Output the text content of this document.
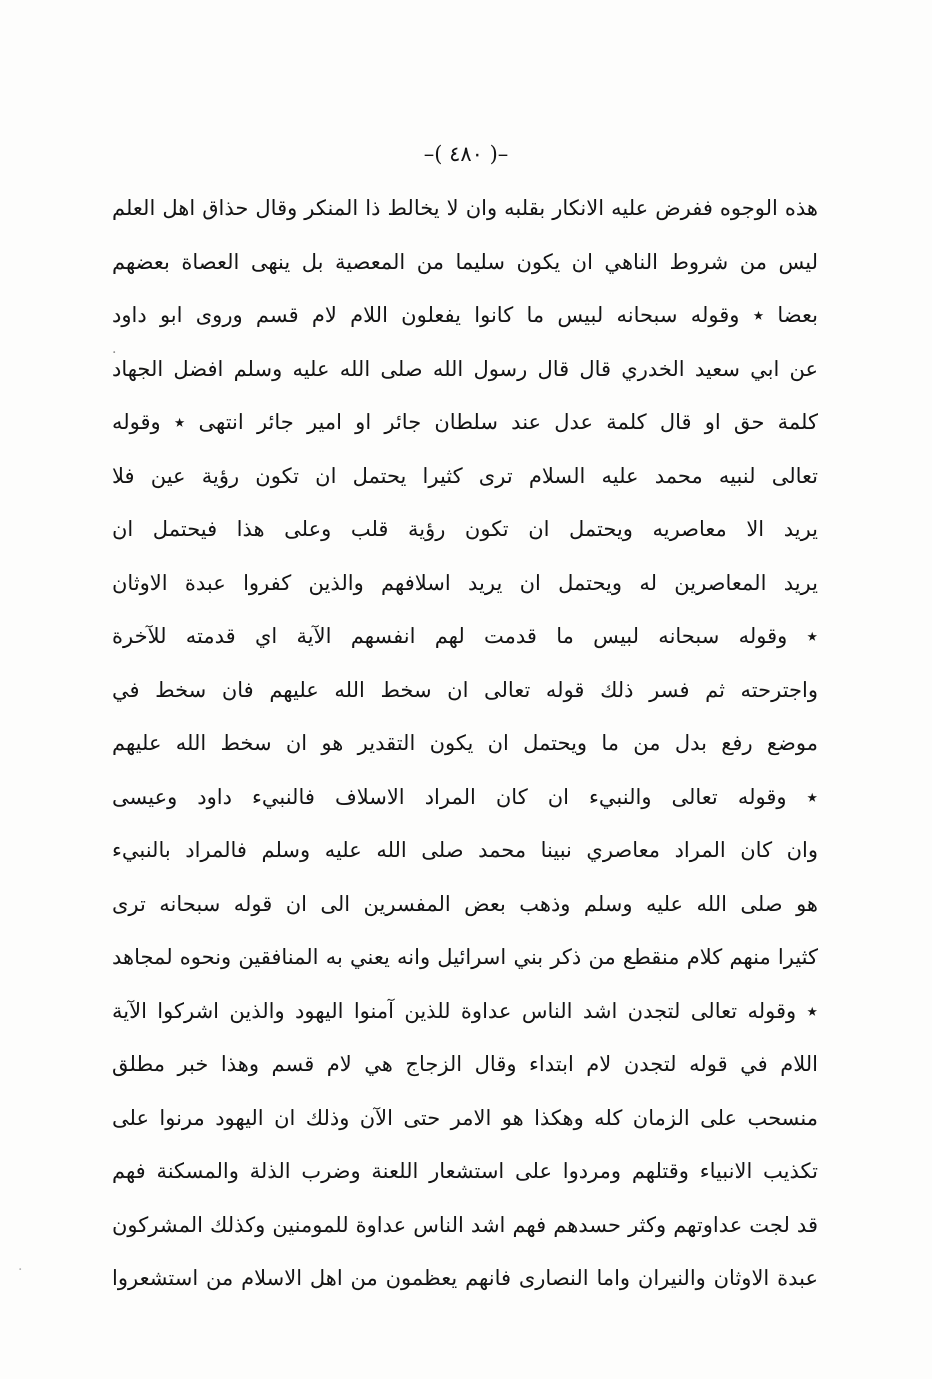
–( ٤٨٠ )–
هذه الوجوه ففرض عليه الانكار بقلبه وان لا يخالط ذا المنكر وقال حذاق اهل العلم
ليس من شروط الناهي ان يكون سليما من المعصية بل ينهى العصاة بعضهم
بعضا ٭ وقوله سبحانه لبيس ما كانوا يفعلون اللام لام قسم وروى ابو داود
عن ابي سعيد الخدري قال قال رسول الله صلى الله عليه وسلم افضل الجهاد
كلمة حق او قال كلمة عدل عند سلطان جائر او امير جائر انتهى ٭ وقوله
تعالى لنبيه محمد عليه السلام ترى كثيرا يحتمل ان تكون رؤية عين فلا
يريد الا معاصريه ويحتمل ان تكون رؤية قلب وعلى هذا فيحتمل ان
يريد المعاصرين له ويحتمل ان يريد اسلافهم والذين كفروا عبدة الاوثان
٭ وقوله سبحانه لبيس ما قدمت لهم انفسهم الآية اي قدمته للآخرة
واجترحته ثم فسر ذلك قوله تعالى ان سخط الله عليهم فان سخط في
موضع رفع بدل من ما ويحتمل ان يكون التقدير هو ان سخط الله عليهم
٭ وقوله تعالى والنبيء ان كان المراد الاسلاف فالنبيء داود وعيسى
وان كان المراد معاصري نبينا محمد صلى الله عليه وسلم فالمراد بالنبيء
هو صلى الله عليه وسلم وذهب بعض المفسرين الى ان قوله سبحانه ترى
كثيرا منهم كلام منقطع من ذكر بني اسرائيل وانه يعني به المنافقين ونحوه لمجاهد
٭ وقوله تعالى لتجدن اشد الناس عداوة للذين آمنوا اليهود والذين اشركوا الآية
اللام في قوله لتجدن لام ابتداء وقال الزجاج هي لام قسم وهذا خبر مطلق
منسحب على الزمان كله وهكذا هو الامر حتى الآن وذلك ان اليهود مرنوا على
تكذيب الانبياء وقتلهم ومردوا على استشعار اللعنة وضرب الذلة والمسكنة فهم
قد لجت عداوتهم وكثر حسدهم فهم اشد الناس عداوة للمومنين وكذلك المشركون
عبدة الاوثان والنيران واما النصارى فانهم يعظمون من اهل الاسلام من استشعروا
·
·
